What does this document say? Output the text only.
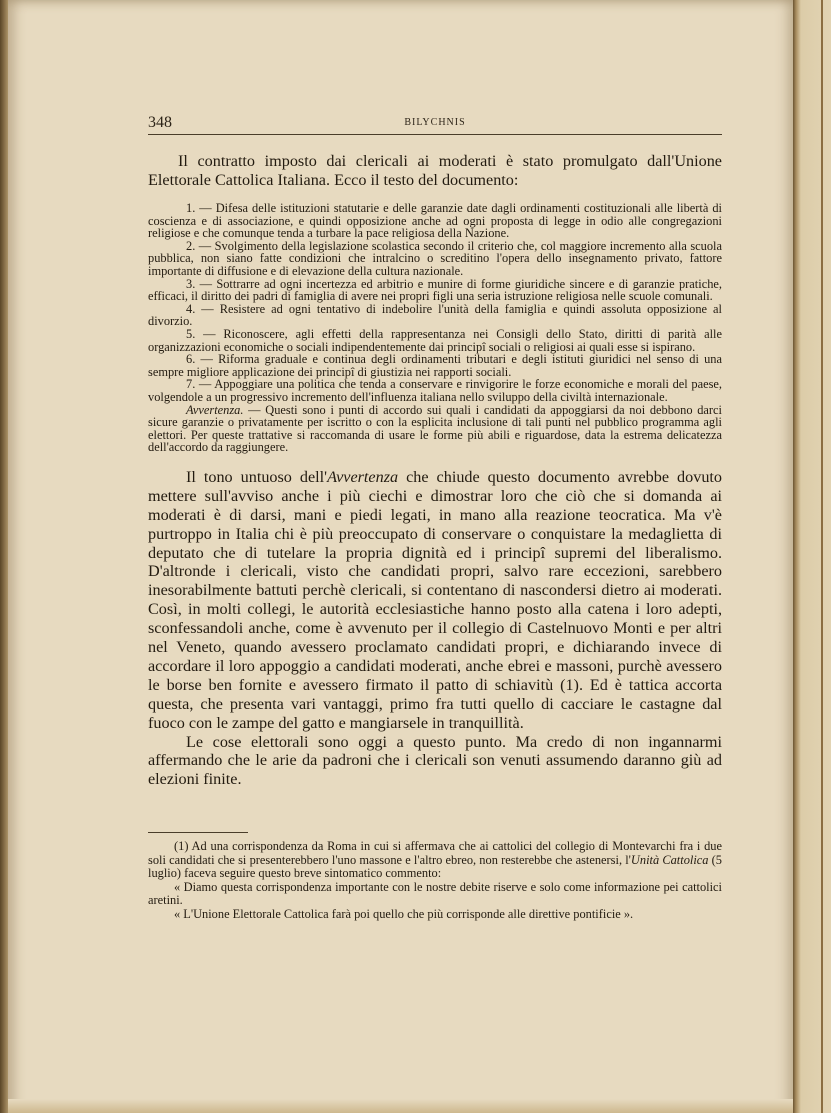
348	BILYCHNIS

Il contratto imposto dai clericali ai moderati è stato promulgato dall'Unione Elettorale Cattolica Italiana. Ecco il testo del documento:

1. — Difesa delle istituzioni statutarie e delle garanzie date dagli ordinamenti costituzionali alle libertà di coscienza e di associazione, e quindi opposizione anche ad ogni proposta di legge in odio alle congregazioni religiose e che comunque tenda a turbare la pace religiosa della Nazione.

2. — Svolgimento della legislazione scolastica secondo il criterio che, col maggiore incremento alla scuola pubblica, non siano fatte condizioni che intralcino o screditino l'opera dello insegnamento privato, fattore importante di diffusione e di elevazione della cultura nazionale.

3. — Sottrarre ad ogni incertezza ed arbitrio e munire di forme giuridiche sincere e di garanzie pratiche, efficaci, il diritto dei padri di famiglia di avere nei propri figli una seria istruzione religiosa nelle scuole comunali.

4. — Resistere ad ogni tentativo di indebolire l'unità della famiglia e quindi assoluta opposizione al divorzio.

5. — Riconoscere, agli effetti della rappresentanza nei Consigli dello Stato, diritti di parità alle organizzazioni economiche o sociali indipendentemente dai principî sociali o religiosi ai quali esse si ispirano.

6. — Riforma graduale e continua degli ordinamenti tributari e degli istituti giuridici nel senso di una sempre migliore applicazione dei principî di giustizia nei rapporti sociali.

7. — Appoggiare una politica che tenda a conservare e rinvigorire le forze economiche e morali del paese, volgendole a un progressivo incremento dell'influenza italiana nello sviluppo della civiltà internazionale.

Avvertenza. — Questi sono i punti di accordo sui quali i candidati da appoggiarsi da noi debbono darci sicure garanzie o privatamente per iscritto o con la esplicita inclusione di tali punti nel pubblico programma agli elettori. Per queste trattative si raccomanda di usare le forme più abili e riguardose, data la estrema delicatezza dell'accordo da raggiungere.

Il tono untuoso dell'Avvertenza che chiude questo documento avrebbe dovuto mettere sull'avviso anche i più ciechi e dimostrar loro che ciò che si domanda ai moderati è di darsi, mani e piedi legati, in mano alla reazione teocratica. Ma v'è purtroppo in Italia chi è più preoccupato di conservare o conquistare la medaglietta di deputato che di tutelare la propria dignità ed i principî supremi del liberalismo. D'altronde i clericali, visto che candidati propri, salvo rare eccezioni, sarebbero inesorabilmente battuti perchè clericali, si contentano di nascondersi dietro ai moderati. Così, in molti collegi, le autorità ecclesiastiche hanno posto alla catena i loro adepti, sconfessandoli anche, come è avvenuto per il collegio di Castelnuovo Monti e per altri nel Veneto, quando avessero proclamato candidati propri, e dichiarando invece di accordare il loro appoggio a candidati moderati, anche ebrei e massoni, purchè avessero le borse ben fornite e avessero firmato il patto di schiavitù (1). Ed è tattica accorta questa, che presenta vari vantaggi, primo fra tutti quello di cacciare le castagne dal fuoco con le zampe del gatto e mangiarsele in tranquillità.

Le cose elettorali sono oggi a questo punto. Ma credo di non ingannarmi affermando che le arie da padroni che i clericali son venuti assumendo daranno giù ad elezioni finite.

(1) Ad una corrispondenza da Roma in cui si affermava che ai cattolici del collegio di Montevarchi fra i due soli candidati che si presenterebbero l'uno massone e l'altro ebreo, non resterebbe che astenersi, l'Unità Cattolica (5 luglio) faceva seguire questo breve sintomatico commento:

« Diamo questa corrispondenza importante con le nostre debite riserve e solo come informazione pei cattolici aretini.

« L'Unione Elettorale Cattolica farà poi quello che più corrisponde alle direttive pontificie ».
